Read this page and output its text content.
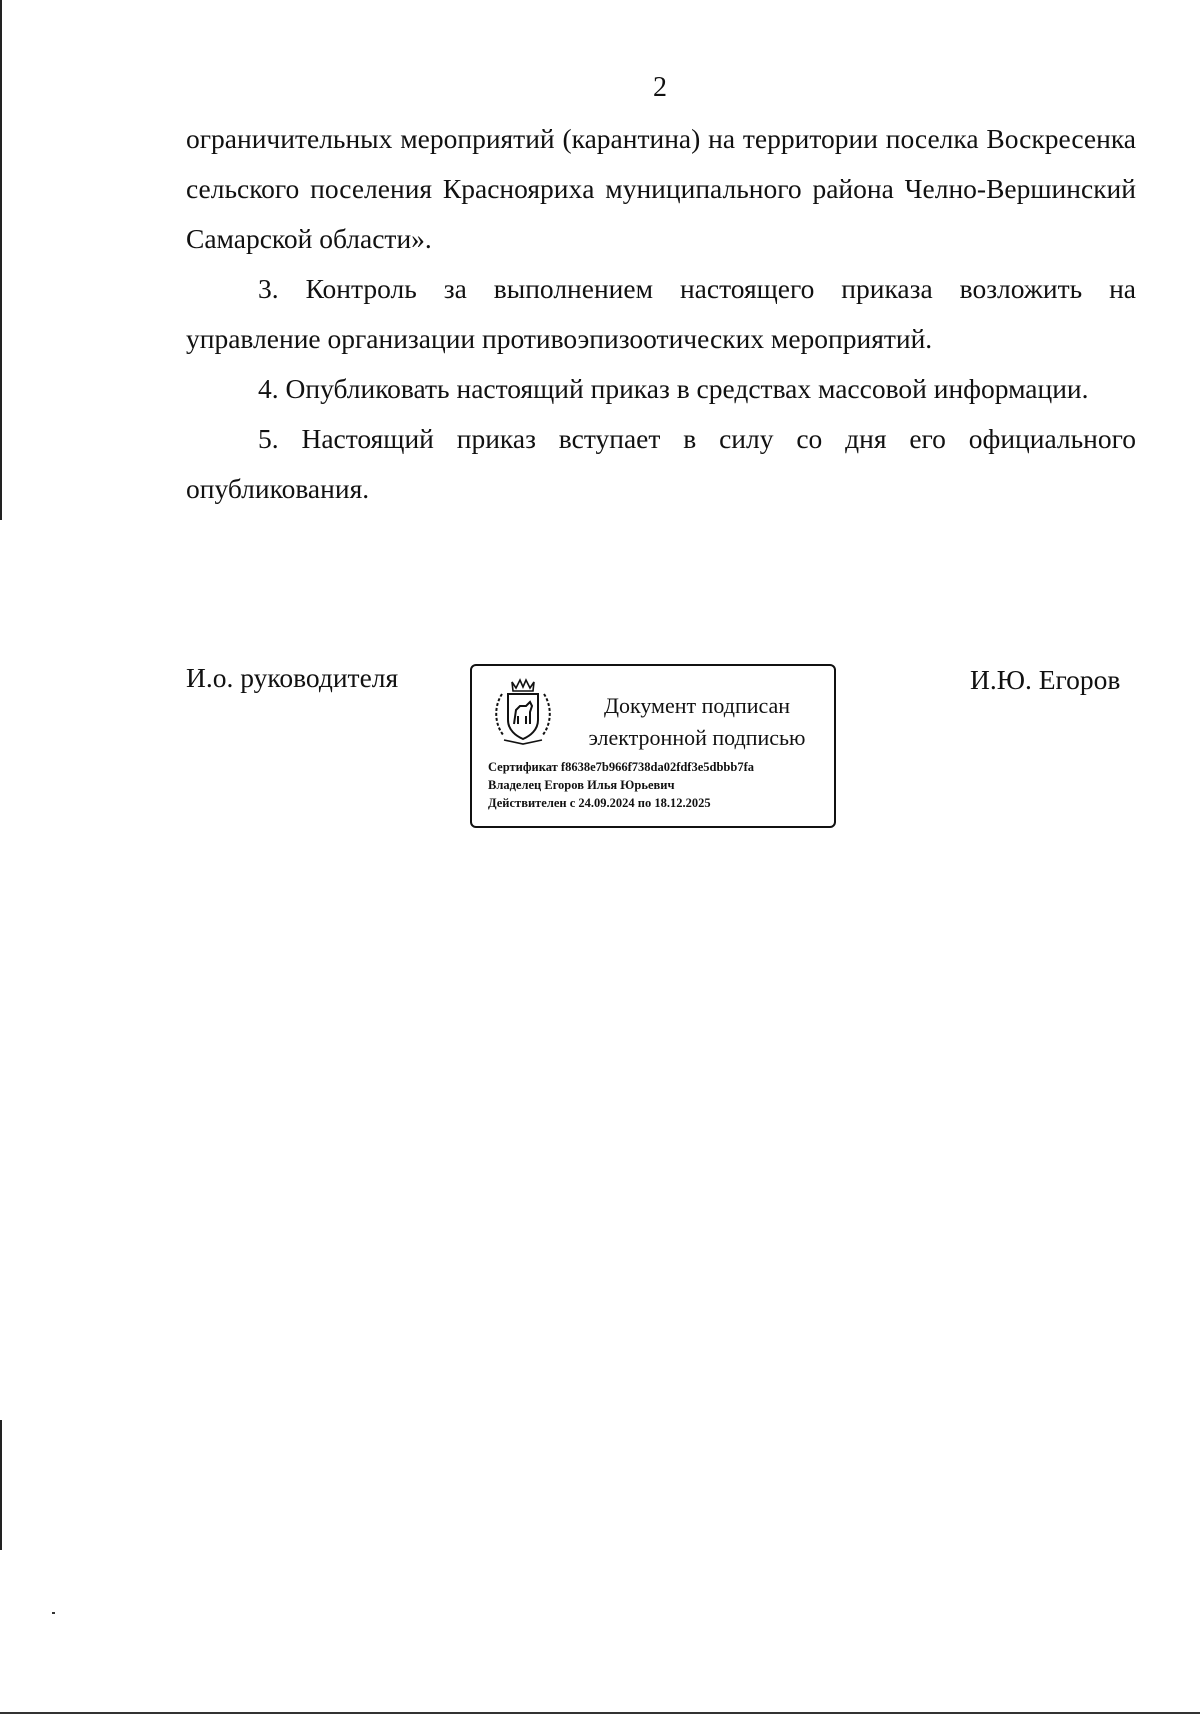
2

ограничительных мероприятий (карантина) на территории поселка Воскресенка сельского поселения Красноярихa муниципального района Челно-Вершинский Самарской области».

3. Контроль за выполнением настоящего приказа возложить на управление организации противоэпизоотических мероприятий.

4. Опубликовать настоящий приказ в средствах массовой информации.

5. Настоящий приказ вступает в силу со дня его официального опубликования.

И.о. руководителя
Документ подписан
электронной подписью
Сертификат f8638e7b966f738da02fdf3e5dbbb7fa
Владелец Егоров Илья Юрьевич
Действителен с 24.09.2024 по 18.12.2025
И.Ю. Егоров
